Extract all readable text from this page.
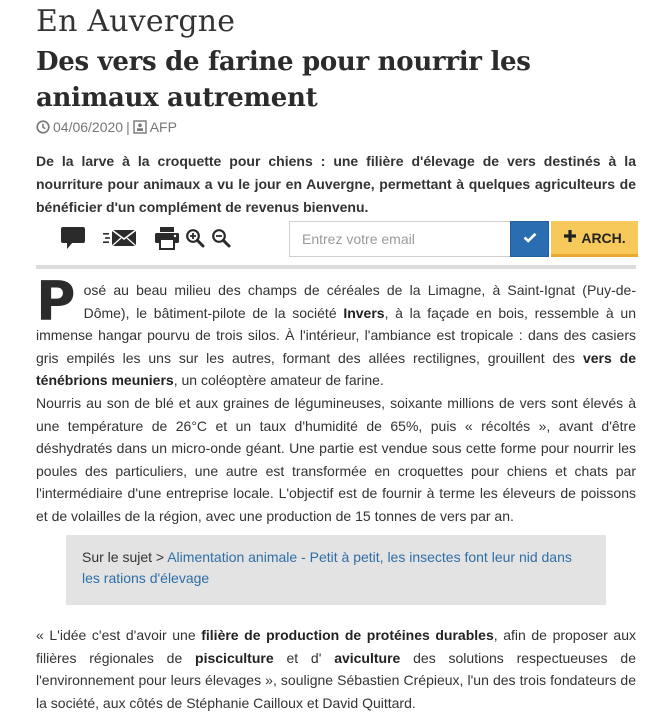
En Auvergne
Des vers de farine pour nourrir les animaux autrement
04/06/2020 | AFP
De la larve à la croquette pour chiens : une filière d'élevage de vers destinés à la nourriture pour animaux a vu le jour en Auvergne, permettant à quelques agriculteurs de bénéficier d'un complément de revenus bienvenu.
Entrez votre email
ARCH.

Posé au beau milieu des champs de céréales de la Limagne, à Saint-Ignat (Puy-de-Dôme), le bâtiment-pilote de la société Invers, à la façade en bois, ressemble à un immense hangar pourvu de trois silos. À l'intérieur, l'ambiance est tropicale : dans des casiers gris empilés les uns sur les autres, formant des allées rectilignes, grouillent des vers de ténébrions meuniers, un coléoptère amateur de farine.

Nourris au son de blé et aux graines de légumineuses, soixante millions de vers sont élevés à une température de 26°C et un taux d'humidité de 65%, puis « récoltés », avant d'être déshydratés dans un micro-onde géant. Une partie est vendue sous cette forme pour nourrir les poules des particuliers, une autre est transformée en croquettes pour chiens et chats par l'intermédiaire d'une entreprise locale. L'objectif est de fournir à terme les éleveurs de poissons et de volailles de la région, avec une production de 15 tonnes de vers par an.

Sur le sujet > Alimentation animale - Petit à petit, les insectes font leur nid dans les rations d'élevage

« L'idée c'est d'avoir une filière de production de protéines durables, afin de proposer aux filières régionales de pisciculture et d' aviculture des solutions respectueuses de l'environnement pour leurs élevages », souligne Sébastien Crépieux, l'un des trois fondateurs de la société, aux côtés de Stéphanie Cailloux et David Quittard.
